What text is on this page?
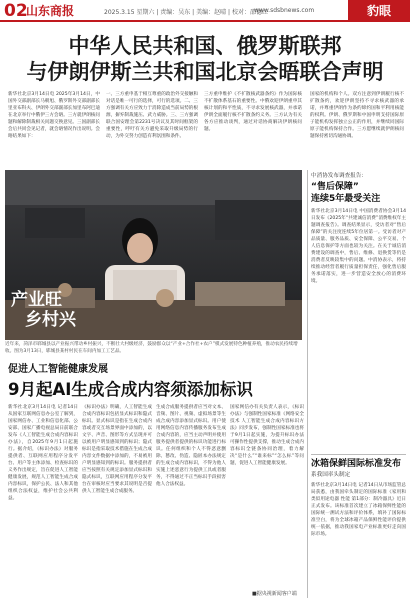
02
山东商报	2025.3.15 星期六 | 责编：吴东 | 美编：赵晴 | 校对：邵德红
www.sdsbnews.com	豹眼
中华人民共和国、俄罗斯联邦
与伊朗伊斯兰共和国北京会晤联合声明
新华社北京3月14日电 2025年3月14日，中国外交部副部长马朝旭、俄罗斯外交部副部长里亚布科夫、伊朗外交部副部长加里布阿巴迪在北京举行中俄伊三方会晤。三方就伊朗核问题和解除制裁相关问题交换意见。三国副部长会后共同会见记者，就会晤情况作出说明。会晤结果如下：
一、三方重申基于相互尊重的政治外交接触和对话是唯一可行的选择，可行的选项。二、三方强调有关方应致力于消除造成当前局势的根源，摒弃制裁施压、武力威胁。三、三方强调联合国安理会第2231号决议及其时间框架的重要性，呼吁有关方避免采取升级局势的行动，为外交努力创造有利氛围和条件。
三方重申维护《不扩散核武器条约》作为国际核不扩散体系基石的重要性。中俄欢迎伊朗重申其核计划的和平性质，不寻求发展核武器，并承诺伊朗全面履行核不扩散条约义务。三方认为有关各方应推动谈判，通过对话协商解决伊朗核问题。
国家的机构和个人。双方注意到伊朗履行核不扩散条约，欢迎伊朗坚持不寻求核武器的承诺，并尊重伊朗作为条约缔约国和平利用核能的权利。伊朗、俄罗斯和中国申明支持国际原子能机构发挥独立公正的作用，并继续同国际原子能机构保持合作。三方愿继续就伊朗核问题保持密切沟通协调。
产业旺
乡村兴
近年来，菏泽市郓城县以产业振兴带动乡村振兴，不断壮大村级经济，鼓励群众以“产业+合作社+农户”模式发展特色种植养殖，推动农民持续增收。图为3月13日，郓城县某村村民在车间内加工工艺品。
促进人工智能健康发展
9月起AI生成合成内容须添加标识
新华社北京3月14日电 记者14日从国家互联网信息办公室了解到，国家网信办、工业和信息化部、公安部、国家广播电视总局日前联合发布《人工智能生成合成内容标识办法》，自2025年9月1日起施行。据介绍，《标识办法》对服务提供者、互联网应用程序分发平台、用户等主体添加、检查标识的义务作出规定，旨在促进人工智能健康发展，规范人工智能生成合成内容标识，保护公民、法人和其他组织合法权益，维护社会公共利益。
《标识办法》明确，人工智能生成合成内容标识包括显式标识和隐式标识。显式标识是指在生成合成内容或者交互场景界面中添加的，以文字、声音、图形等方式呈现并可以被用户明显感知到的标识；隐式标识是指采取技术措施在生成合成内容文件数据中添加的，不易被用户明显感知到的标识。服务提供者应当按照有关规定添加显式标识和隐式标识，互联网应用程序分发平台在审核时应当要求其说明是否提供人工智能生成合成服务。
生成合成服务提供者应当对文本、音频、图片、视频、虚拟场景等生成合成内容添加显式标识。用户使用网络信息内容传播服务发布生成合成内容的，应当主动声明并使用服务提供者提供的标识功能进行标识。任何组织和个人不得恶意删除、篡改、伪造、隐匿本办法规定的生成合成内容标识，不得为他人实施上述恶意行为提供工具或者服务，不得通过不正当标识手段损害他人合法权益。
国家网信办有关负责人表示，《标识办法》与强制性国家标准《网络安全技术 人工智能生成合成内容标识方法》同步发布，强制性国家标准也将于9月1日起实施，为提升标识办法可操作性提供支撑，推动生成合成内容标识全链条协同治理，着力解决“是什么”“谁来标”“怎么标”等问题，促进人工智能健康发展。
■据央视新闻客户端
中消协发布调查报告：
“售后保障”
连续5年最受关注
新华社北京3月14日电 中国消费者协会3月14日发布《2025年“共建诚信消费”消费维权年主题调查报告》。调查结果显示，受访者对“售后保障”的关注度连续5年位居第一。受访者对产品质量、服务品质、安全保障、公平交易、个人信息保护等方面也较为关注。在关于诚信消费建设的调查中，售后、维修、退换货等仍是消费者反映较集中的问题。中消协表示，将持续推动经营者履行质量担保责任，强化售后服务承诺落实，进一步营造安全放心的消费环境。
冰箱保鲜国际标准发布
系我国率头制定
新华社北京3月14日电 记者14日从市场监管总局获悉，由我国牵头制定的国际标准《家用和类似用途电器 性能 第1部分：制冷器具》近日正式发布。该标准首次建立了冰箱保鲜性能的国际统一测试方法和评价体系，填补了国际标准空白，将为全球冰箱产品保鲜性能评价提供统一依据，推动我国家电产业标准更好走向国际市场。
